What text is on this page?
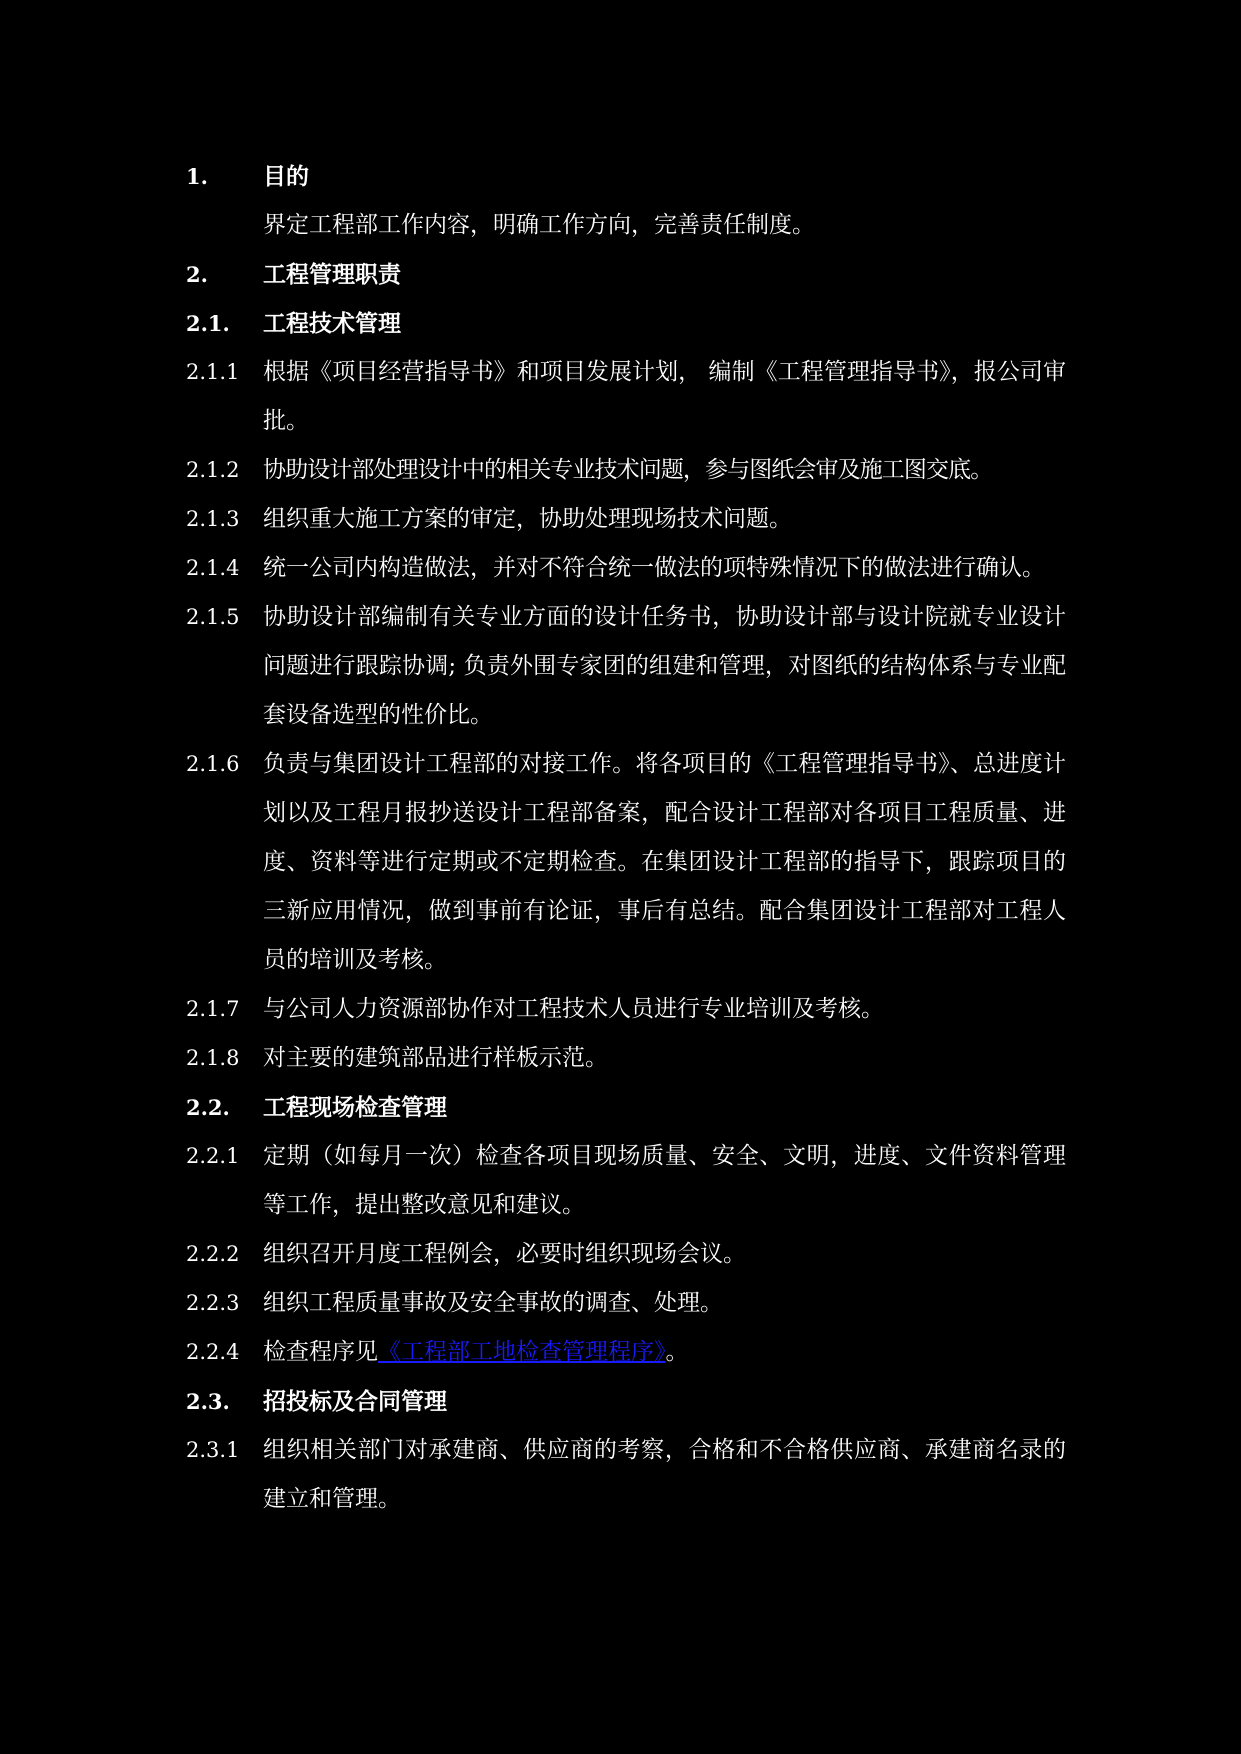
1.	目的
界定工程部工作内容，明确工作方向，完善责任制度。
2.	工程管理职责
2.1.	工程技术管理
2.1.1	根据《项目经营指导书》和项目发展计划， 编制《工程管理指导书》，报公司审批。
2.1.2	协助设计部处理设计中的相关专业技术问题，参与图纸会审及施工图交底。
2.1.3	组织重大施工方案的审定，协助处理现场技术问题。
2.1.4	统一公司内构造做法，并对不符合统一做法的项特殊情况下的做法进行确认。
2.1.5	协助设计部编制有关专业方面的设计任务书，协助设计部与设计院就专业设计问题进行跟踪协调; 负责外围专家团的组建和管理，对图纸的结构体系与专业配套设备选型的性价比。
2.1.6	负责与集团设计工程部的对接工作。将各项目的《工程管理指导书》、总进度计划以及工程月报抄送设计工程部备案，配合设计工程部对各项目工程质量、进度、资料等进行定期或不定期检查。在集团设计工程部的指导下，跟踪项目的三新应用情况，做到事前有论证，事后有总结。配合集团设计工程部对工程人员的培训及考核。
2.1.7	与公司人力资源部协作对工程技术人员进行专业培训及考核。
2.1.8	对主要的建筑部品进行样板示范。
2.2.	工程现场检查管理
2.2.1	定期（如每月一次）检查各项目现场质量、安全、文明，进度、文件资料管理等工作，提出整改意见和建议。
2.2.2	组织召开月度工程例会，必要时组织现场会议。
2.2.3	组织工程质量事故及安全事故的调查、处理。
2.2.4	检查程序见《工程部工地检查管理程序》。
2.3.	招投标及合同管理
2.3.1	组织相关部门对承建商、供应商的考察，合格和不合格供应商、承建商名录的建立和管理。
